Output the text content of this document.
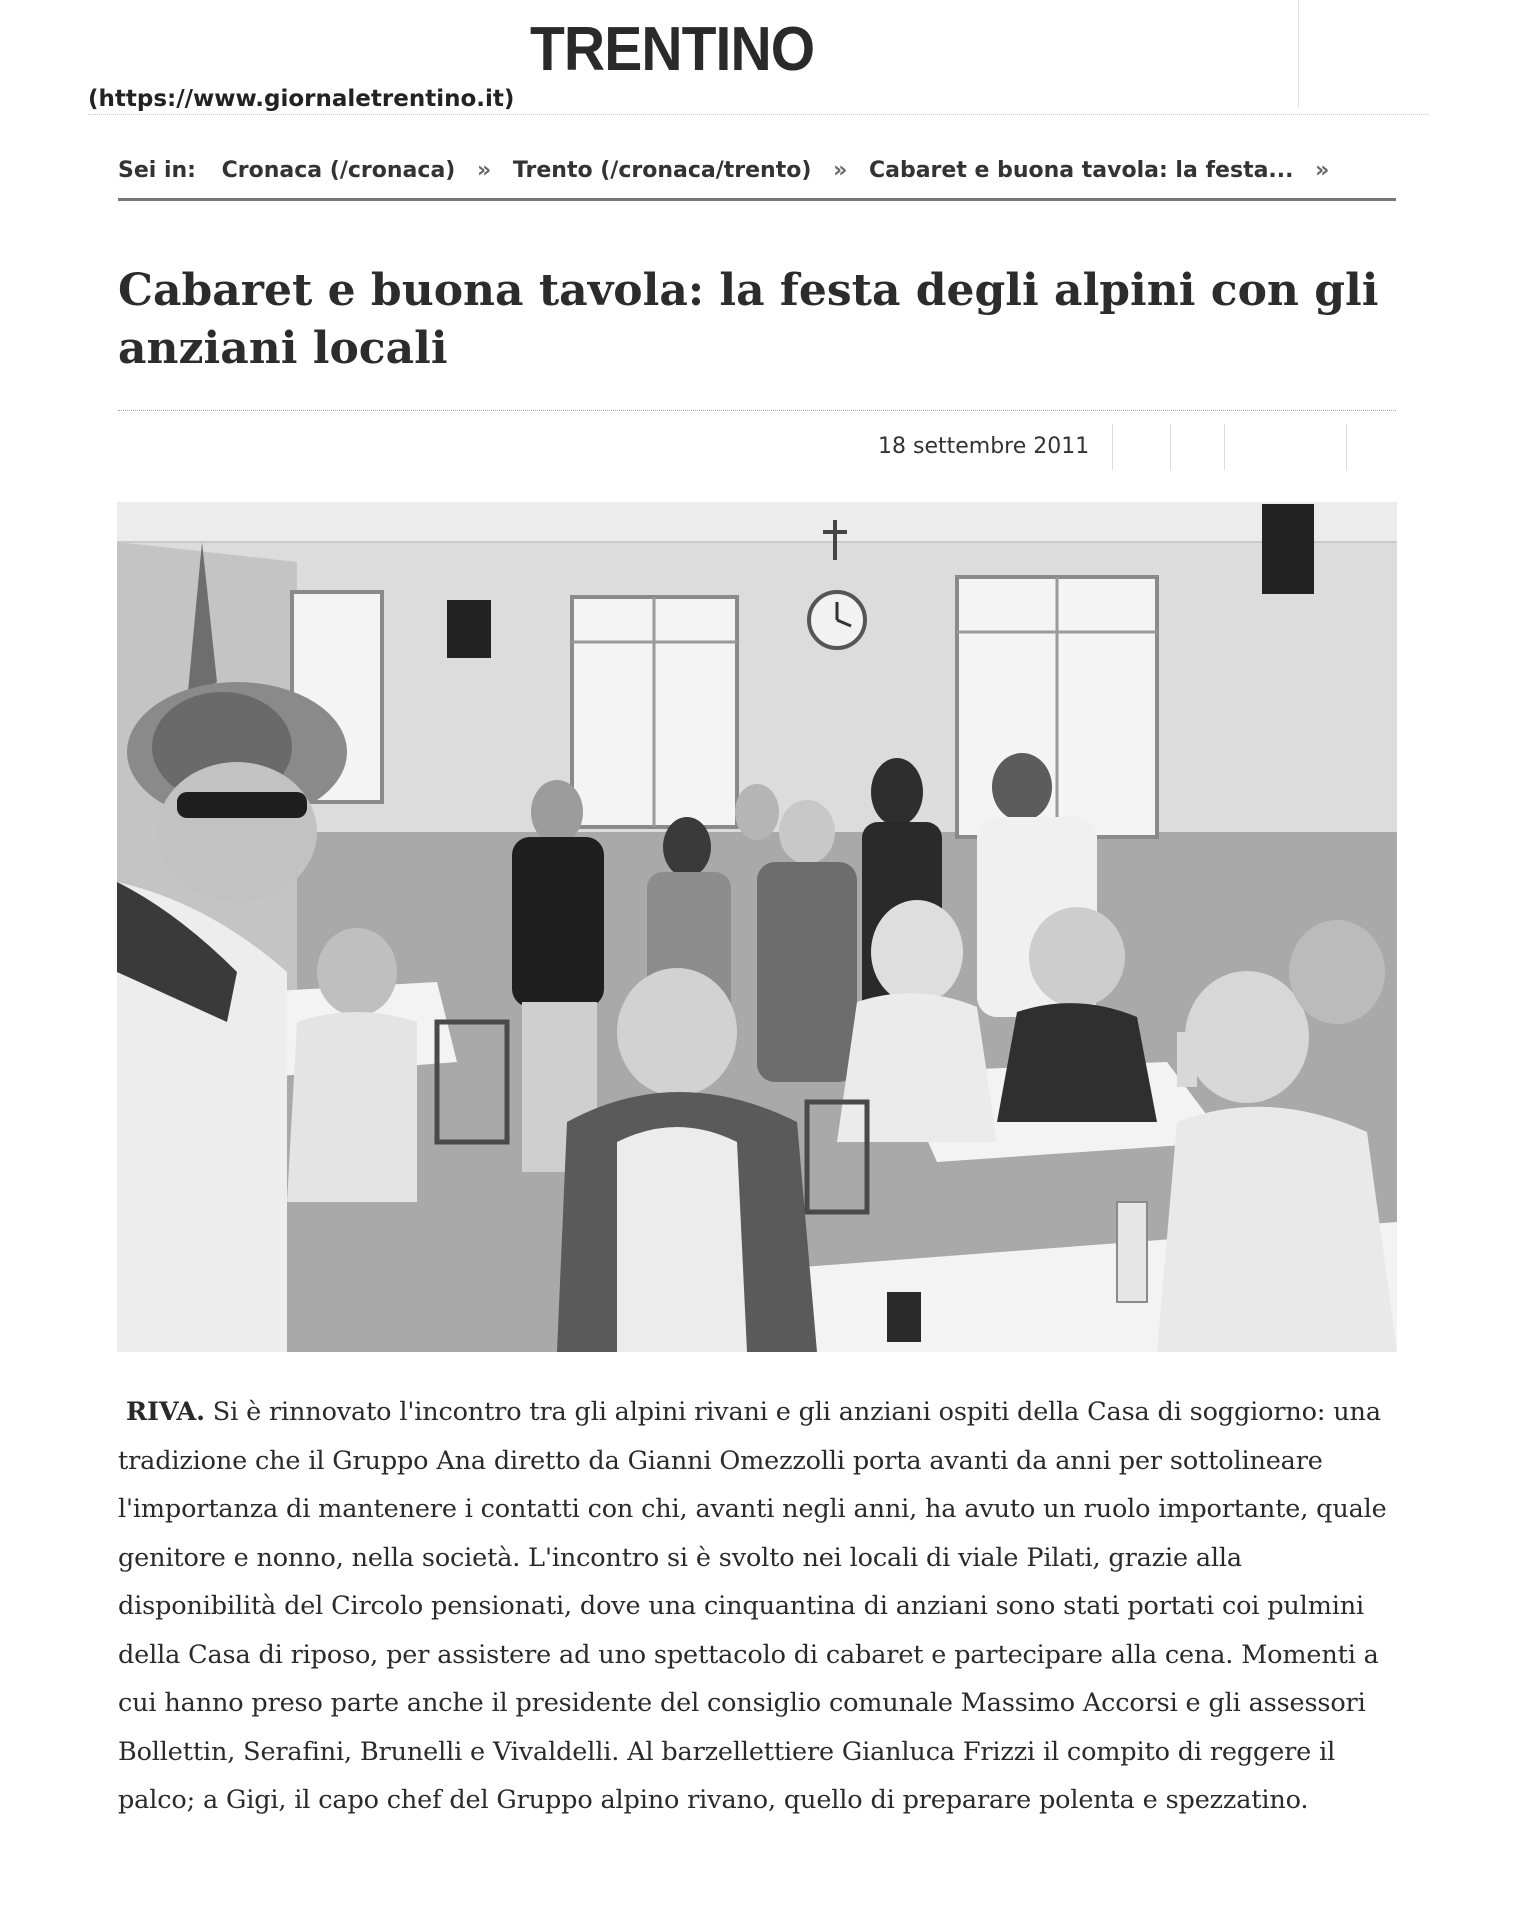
TRENTINO
(https://www.giornaletrentino.it)
Sei in: Cronaca (/cronaca) » Trento (/cronaca/trento) » Cabaret e buona tavola: la festa... »
Cabaret e buona tavola: la festa degli alpini con gli anziani locali
18 settembre 2011

RIVA. Si è rinnovato l'incontro tra gli alpini rivani e gli anziani ospiti della Casa di soggiorno: una tradizione che il Gruppo Ana diretto da Gianni Omezzolli porta avanti da anni per sottolineare l'importanza di mantenere i contatti con chi, avanti negli anni, ha avuto un ruolo importante, quale genitore e nonno, nella società. L'incontro si è svolto nei locali di viale Pilati, grazie alla disponibilità del Circolo pensionati, dove una cinquantina di anziani sono stati portati coi pulmini della Casa di riposo, per assistere ad uno spettacolo di cabaret e partecipare alla cena. Momenti a cui hanno preso parte anche il presidente del consiglio comunale Massimo Accorsi e gli assessori Bollettin, Serafini, Brunelli e Vivaldelli. Al barzellettiere Gianluca Frizzi il compito di reggere il palco; a Gigi, il capo chef del Gruppo alpino rivano, quello di preparare polenta e spezzatino.
